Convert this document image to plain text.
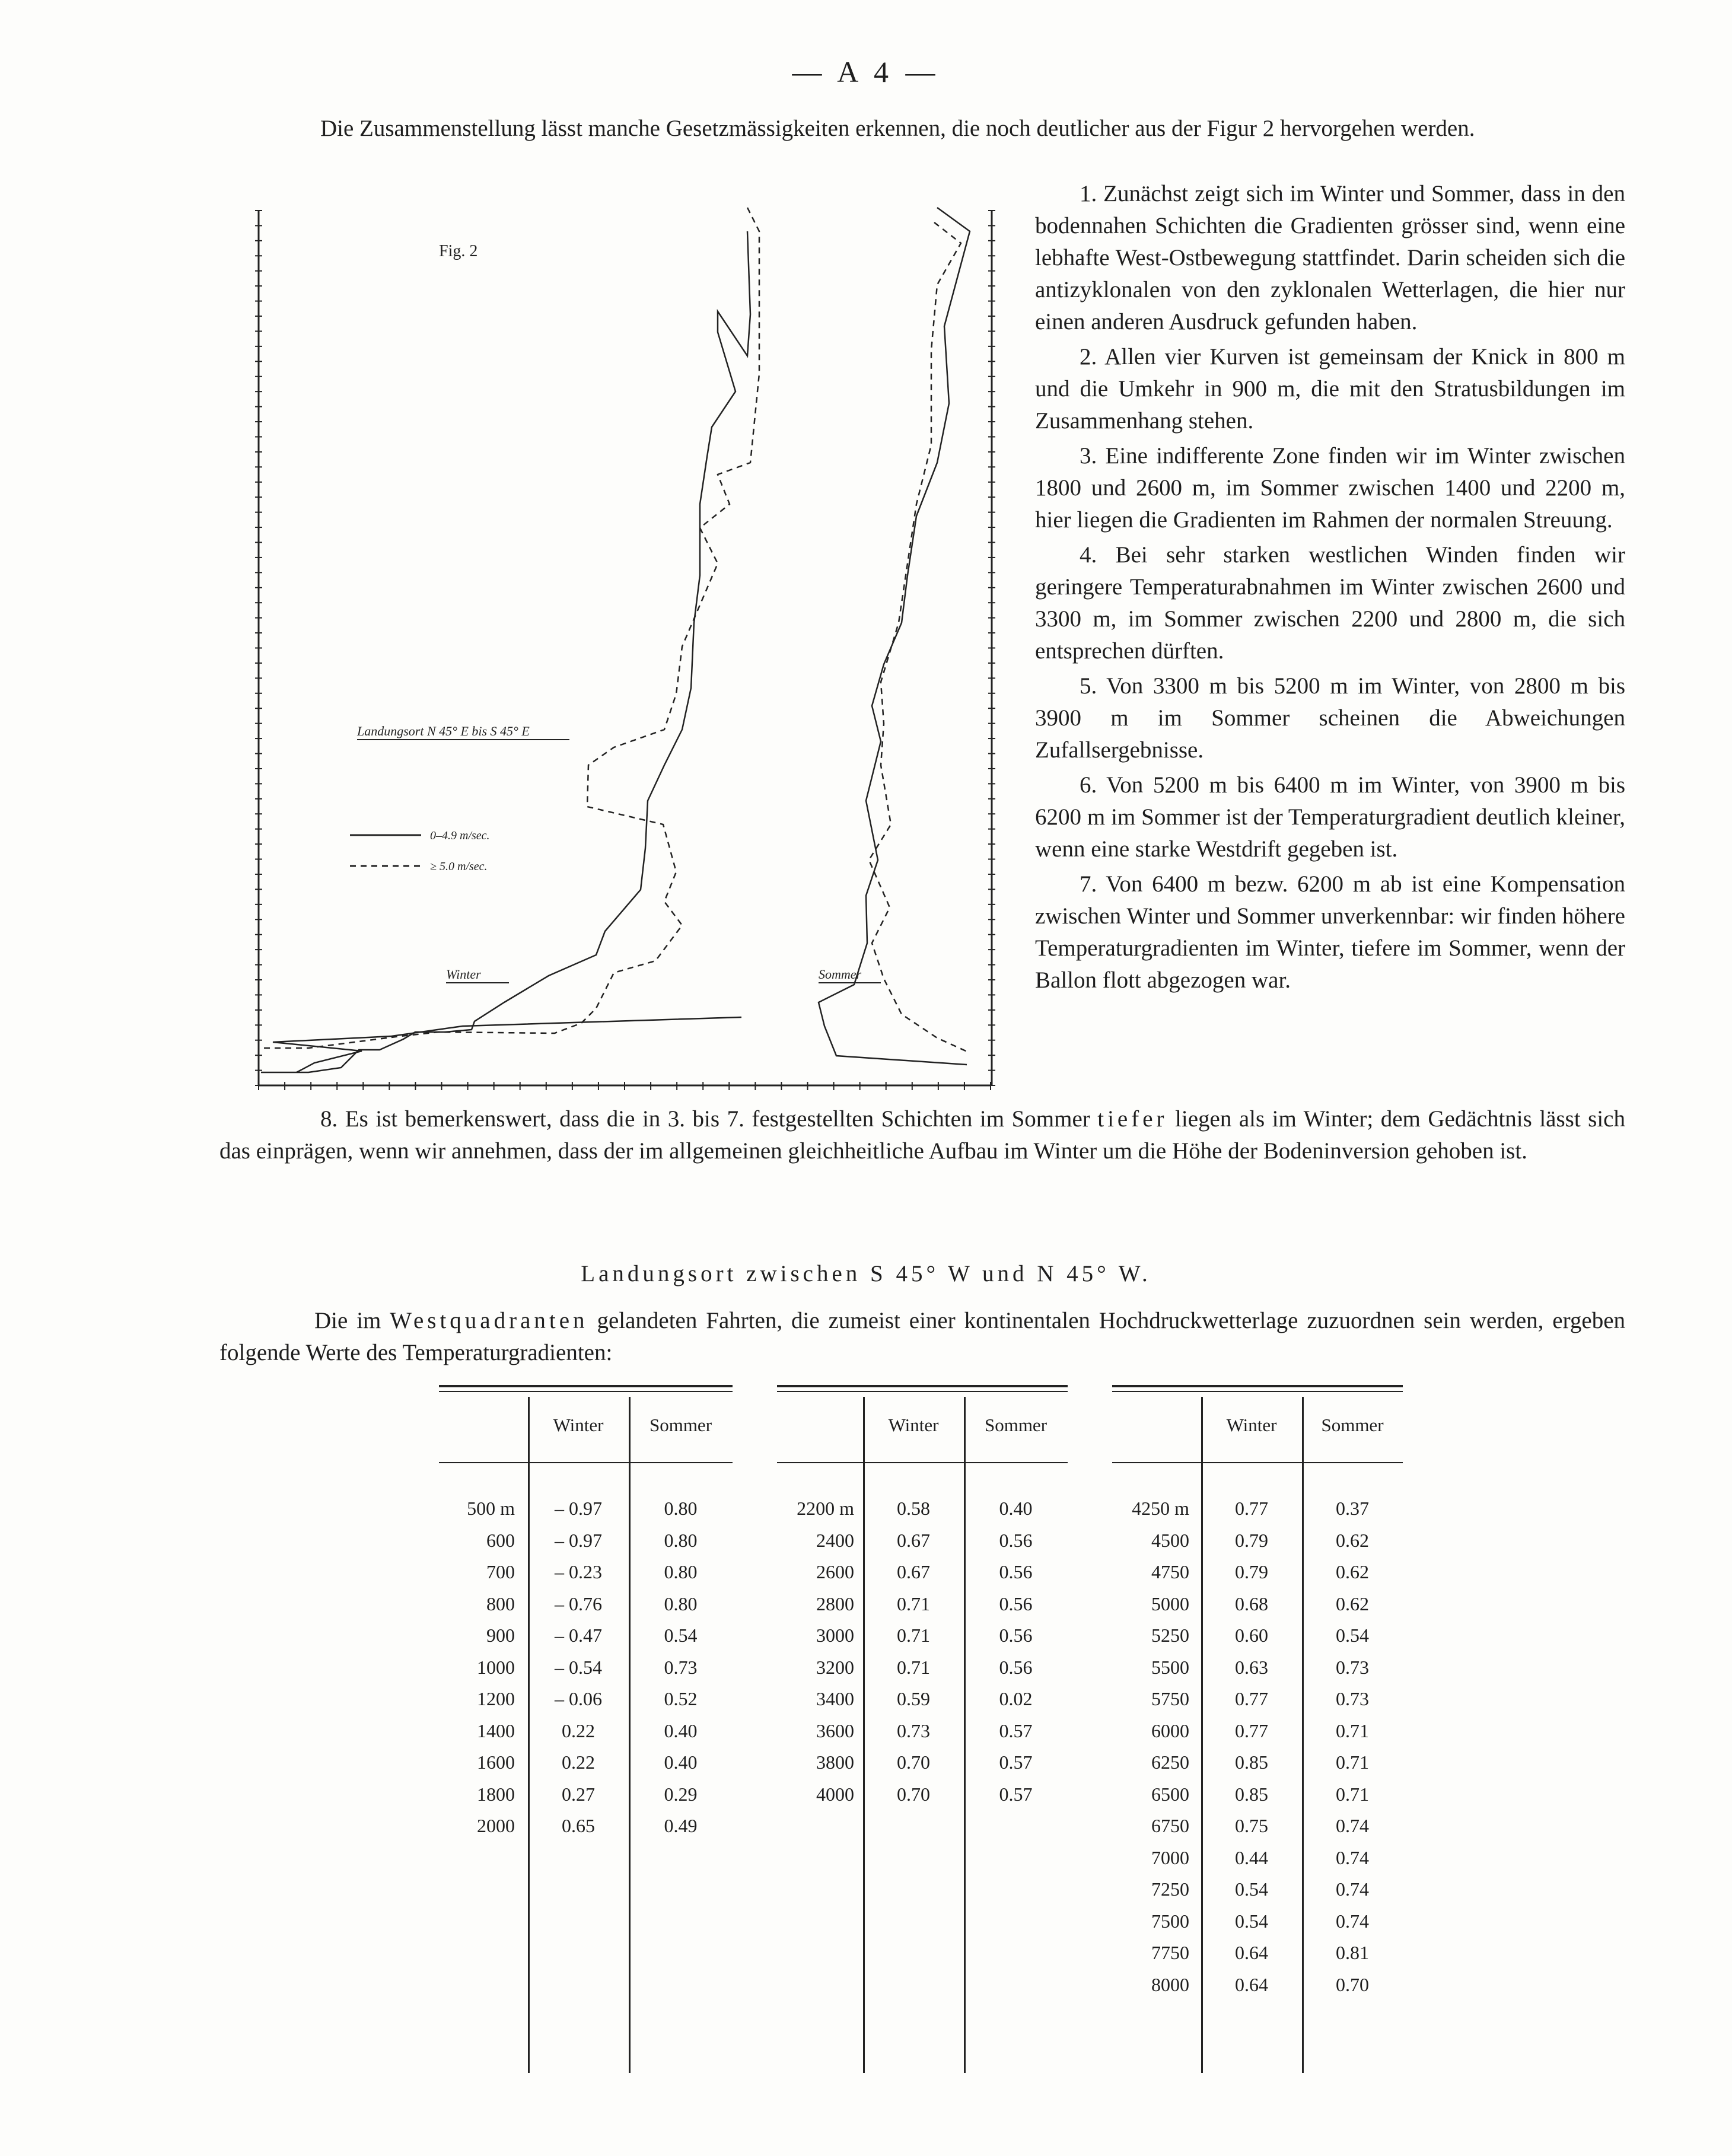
— A 4 —
Die Zusammenstellung lässt manche Gesetzmässigkeiten erkennen, die noch deutlicher aus der Figur 2 hervorgehen werden.
Fig. 2
Landungsort N 45° E bis S 45° E
0–4.9 m/sec.
≥ 5.0 m/sec.
Winter	Sommer

1. Zunächst zeigt sich im Winter und Sommer, dass in den bodennahen Schichten die Gradienten grösser sind, wenn eine lebhafte West-Ostbewegung stattfindet. Darin scheiden sich die antizyklonalen von den zyklonalen Wetterlagen, die hier nur einen anderen Ausdruck gefunden haben.

2. Allen vier Kurven ist gemeinsam der Knick in 800 m und die Umkehr in 900 m, die mit den Stratusbildungen im Zusammenhang stehen.

3. Eine indifferente Zone finden wir im Winter zwischen 1800 und 2600 m, im Sommer zwischen 1400 und 2200 m, hier liegen die Gradienten im Rahmen der normalen Streuung.

4. Bei sehr starken westlichen Winden finden wir geringere Temperaturabnahmen im Winter zwischen 2600 und 3300 m, im Sommer zwischen 2200 und 2800 m, die sich entsprechen dürften.

5. Von 3300 m bis 5200 m im Winter, von 2800 m bis 3900 m im Sommer scheinen die Abweichungen Zufallsergebnisse.

6. Von 5200 m bis 6400 m im Winter, von 3900 m bis 6200 m im Sommer ist der Temperaturgradient deutlich kleiner, wenn eine starke Westdrift gegeben ist.

7. Von 6400 m bezw. 6200 m ab ist eine Kompensation zwischen Winter und Sommer unverkennbar: wir finden höhere Temperaturgradienten im Winter, tiefere im Sommer, wenn der Ballon flott abgezogen war.

8. Es ist bemerkenswert, dass die in 3. bis 7. festgestellten Schichten im Sommer tiefer liegen als im Winter; dem Gedächtnis lässt sich das einprägen, wenn wir annehmen, dass der im allgemeinen gleichheitliche Aufbau im Winter um die Höhe der Bodeninversion gehoben ist.
Landungsort zwischen S 45° W und N 45° W.
Die im Westquadranten gelandeten Fahrten, die zumeist einer kontinentalen Hochdruckwetterlage zuzuordnen sein werden, ergeben folgende Werte des Temperaturgradienten:
Winter	Sommer
500 m	– 0.97	0.80
600	– 0.97	0.80
700	– 0.23	0.80
800	– 0.76	0.80
900	– 0.47	0.54
1000	– 0.54	0.73
1200	– 0.06	0.52
1400	0.22	0.40
1600	0.22	0.40
1800	0.27	0.29
2000	0.65	0.49
Winter	Sommer
2200 m	0.58	0.40
2400	0.67	0.56
2600	0.67	0.56
2800	0.71	0.56
3000	0.71	0.56
3200	0.71	0.56
3400	0.59	0.02
3600	0.73	0.57
3800	0.70	0.57
4000	0.70	0.57
Winter	Sommer
4250 m	0.77	0.37
4500	0.79	0.62
4750	0.79	0.62
5000	0.68	0.62
5250	0.60	0.54
5500	0.63	0.73
5750	0.77	0.73
6000	0.77	0.71
6250	0.85	0.71
6500	0.85	0.71
6750	0.75	0.74
7000	0.44	0.74
7250	0.54	0.74
7500	0.54	0.74
7750	0.64	0.81
8000	0.64	0.70
